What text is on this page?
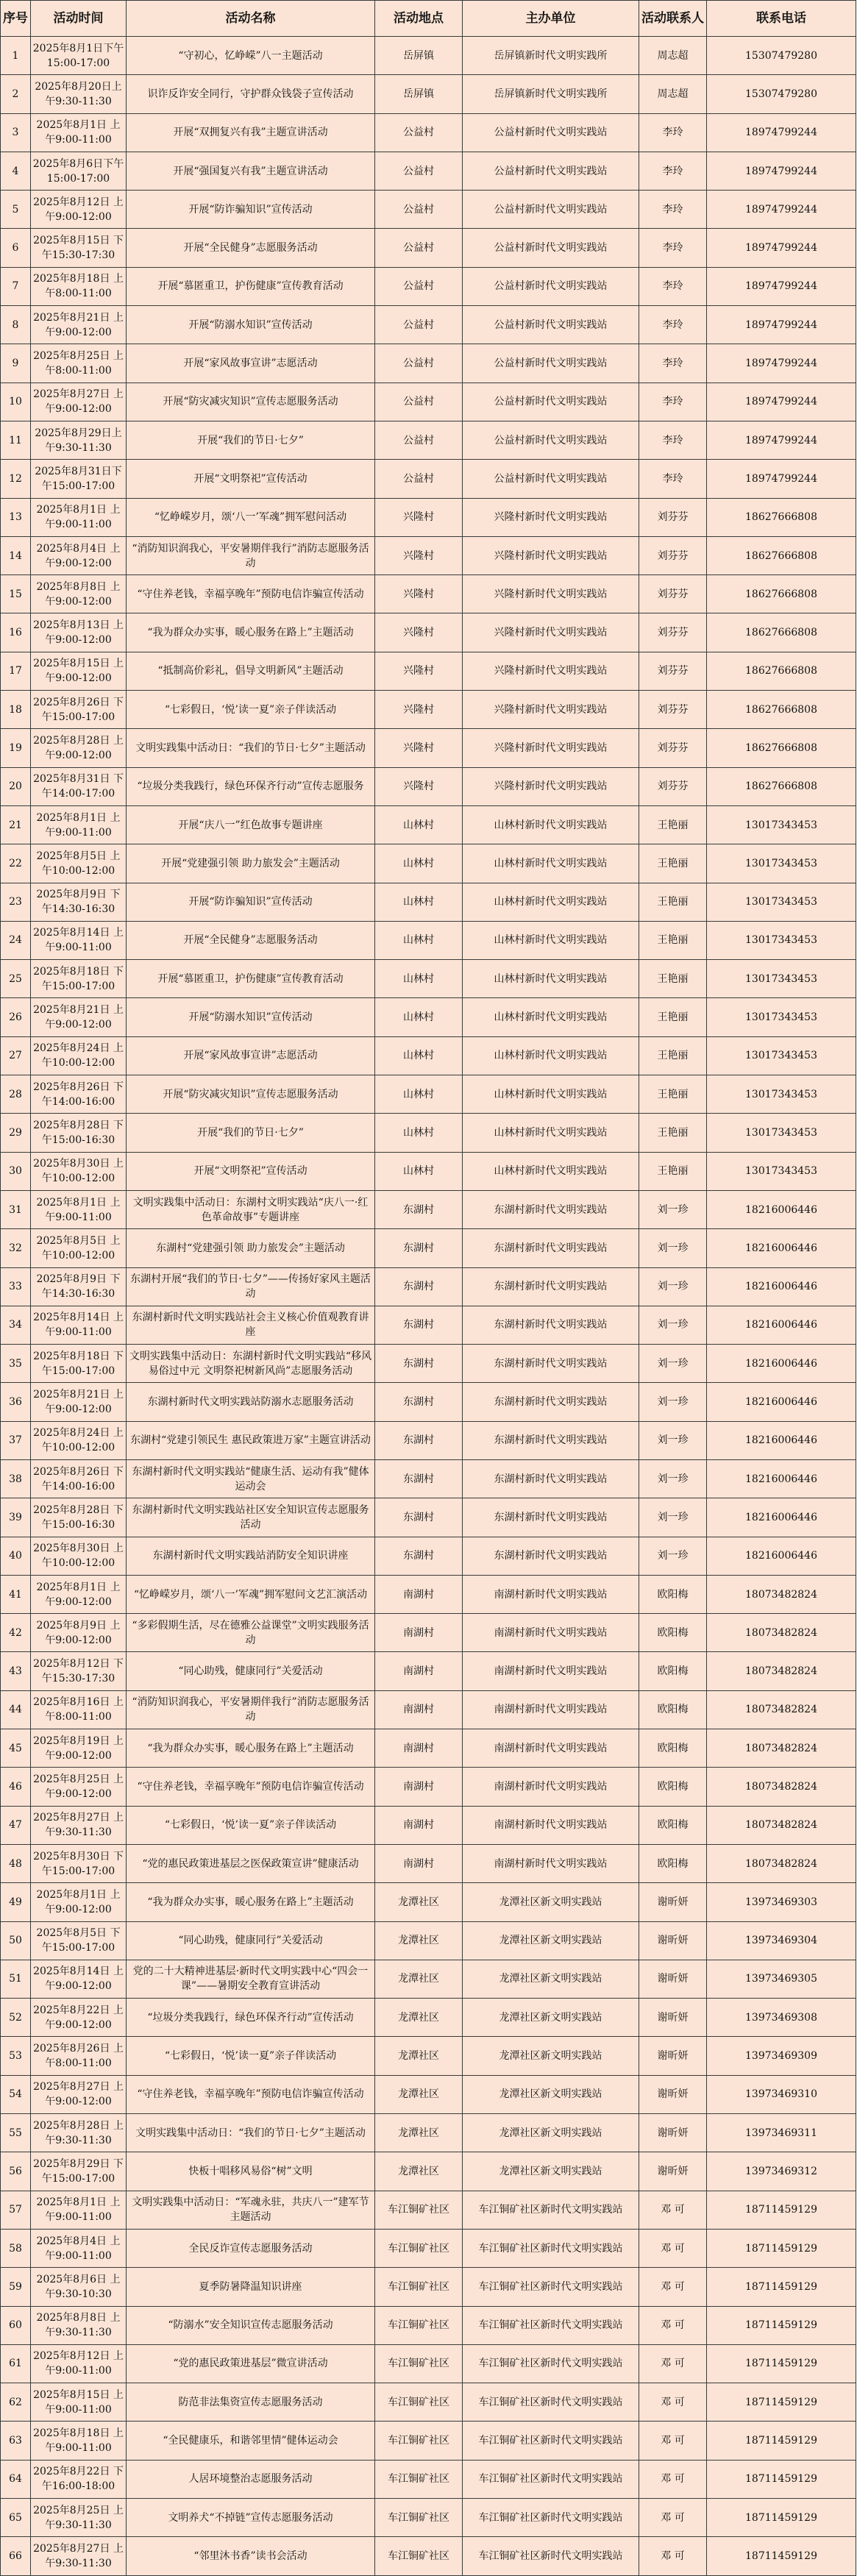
序号	活动时间	活动名称	活动地点	主办单位	活动联系人	联系电话
1	2025年8月1日下午15:00-17:00	“守初心，忆峥嵘”八一主题活动	岳屏镇	岳屏镇新时代文明实践所	周志超	15307479280
2	2025年8月20日上午9:30-11:30	识诈反诈安全同行，守护群众钱袋子宣传活动	岳屏镇	岳屏镇新时代文明实践所	周志超	15307479280
3	2025年8月1日 上午9:00-11:00	开展“双拥复兴有我”主题宣讲活动	公益村	公益村新时代文明实践站	李玲	18974799244
4	2025年8月6日下午15:00-17:00	开展“强国复兴有我”主题宣讲活动	公益村	公益村新时代文明实践站	李玲	18974799244
5	2025年8月12日 上午9:00-12:00	开展“防诈骗知识”宣传活动	公益村	公益村新时代文明实践站	李玲	18974799244
6	2025年8月15日 下午15:30-17:30	开展“全民健身”志愿服务活动	公益村	公益村新时代文明实践站	李玲	18974799244
7	2025年8月18日 上午8:00-11:00	开展“慕匿重卫，护伤健康”宣传教育活动	公益村	公益村新时代文明实践站	李玲	18974799244
8	2025年8月21日 上午9:00-12:00	开展“防溺水知识”宣传活动	公益村	公益村新时代文明实践站	李玲	18974799244
9	2025年8月25日 上午8:00-11:00	开展“家风故事宣讲”志愿活动	公益村	公益村新时代文明实践站	李玲	18974799244
10	2025年8月27日 上午9:00-12:00	开展“防灾减灾知识”宣传志愿服务活动	公益村	公益村新时代文明实践站	李玲	18974799244
11	2025年8月29日上午9:30-11:30	开展“我们的节日·七夕”	公益村	公益村新时代文明实践站	李玲	18974799244
12	2025年8月31日下午15:00-17:00	开展“文明祭祀”宣传活动	公益村	公益村新时代文明实践站	李玲	18974799244
13	2025年8月1日 上午9:00-11:00	“忆峥嵘岁月，颂‘八一’军魂”拥军慰问活动	兴隆村	兴隆村新时代文明实践站	刘芬芬	18627666808
14	2025年8月4日 上午9:00-12:00	“消防知识润我心，平安暑期伴我行”消防志愿服务活动	兴隆村	兴隆村新时代文明实践站	刘芬芬	18627666808
15	2025年8月8日 上午9:00-12:00	“守住养老钱，幸福享晚年”预防电信诈骗宣传活动	兴隆村	兴隆村新时代文明实践站	刘芬芬	18627666808
16	2025年8月13日 上午9:00-12:00	“我为群众办实事，暖心服务在路上”主题活动	兴隆村	兴隆村新时代文明实践站	刘芬芬	18627666808
17	2025年8月15日 上午9:00-12:00	“抵制高价彩礼，倡导文明新风”主题活动	兴隆村	兴隆村新时代文明实践站	刘芬芬	18627666808
18	2025年8月26日 下午15:00-17:00	“七彩假日，‘悦’读一夏”亲子伴读活动	兴隆村	兴隆村新时代文明实践站	刘芬芬	18627666808
19	2025年8月28日 上午9:00-12:00	文明实践集中活动日：“我们的节日·七夕”主题活动	兴隆村	兴隆村新时代文明实践站	刘芬芬	18627666808
20	2025年8月31日 下午14:00-17:00	“垃圾分类我践行，绿色环保齐行动”宣传志愿服务	兴隆村	兴隆村新时代文明实践站	刘芬芬	18627666808
21	2025年8月1日 上午9:00-11:00	开展“庆八一”红色故事专题讲座	山林村	山林村新时代文明实践站	王艳丽	13017343453
22	2025年8月5日 上午10:00-12:00	开展“党建强引领 助力旅发会”主题活动	山林村	山林村新时代文明实践站	王艳丽	13017343453
23	2025年8月9日 下午14:30-16:30	开展“防诈骗知识”宣传活动	山林村	山林村新时代文明实践站	王艳丽	13017343453
24	2025年8月14日 上午9:00-11:00	开展“全民健身”志愿服务活动	山林村	山林村新时代文明实践站	王艳丽	13017343453
25	2025年8月18日 下午15:00-17:00	开展“慕匿重卫，护伤健康”宣传教育活动	山林村	山林村新时代文明实践站	王艳丽	13017343453
26	2025年8月21日 上午9:00-12:00	开展“防溺水知识”宣传活动	山林村	山林村新时代文明实践站	王艳丽	13017343453
27	2025年8月24日 上午10:00-12:00	开展“家风故事宣讲”志愿活动	山林村	山林村新时代文明实践站	王艳丽	13017343453
28	2025年8月26日 下午14:00-16:00	开展“防灾减灾知识”宣传志愿服务活动	山林村	山林村新时代文明实践站	王艳丽	13017343453
29	2025年8月28日 下午15:00-16:30	开展“我们的节日·七夕”	山林村	山林村新时代文明实践站	王艳丽	13017343453
30	2025年8月30日 上午10:00-12:00	开展“文明祭祀”宣传活动	山林村	山林村新时代文明实践站	王艳丽	13017343453
31	2025年8月1日 上午9:00-11:00	文明实践集中活动日：东湖村文明实践站“庆八一·红色革命故事”专题讲座	东湖村	东湖村新时代文明实践站	刘一珍	18216006446
32	2025年8月5日 上午10:00-12:00	东湖村“党建强引领 助力旅发会”主题活动	东湖村	东湖村新时代文明实践站	刘一珍	18216006446
33	2025年8月9日 下午14:30-16:30	东湖村开展“我们的节日·七夕”——传扬好家风主题活动	东湖村	东湖村新时代文明实践站	刘一珍	18216006446
34	2025年8月14日 上午9:00-11:00	东湖村新时代文明实践站社会主义核心价值观教育讲座	东湖村	东湖村新时代文明实践站	刘一珍	18216006446
35	2025年8月18日 下午15:00-17:00	文明实践集中活动日：东湖村新时代文明实践站“移风易俗过中元 文明祭祀树新风尚”志愿服务活动	东湖村	东湖村新时代文明实践站	刘一珍	18216006446
36	2025年8月21日 上午9:00-12:00	东湖村新时代文明实践站防溺水志愿服务活动	东湖村	东湖村新时代文明实践站	刘一珍	18216006446
37	2025年8月24日 上午10:00-12:00	东湖村“党建引领民生 惠民政策进万家”主题宣讲活动	东湖村	东湖村新时代文明实践站	刘一珍	18216006446
38	2025年8月26日 下午14:00-16:00	东湖村新时代文明实践站“健康生活、运动有我”健体运动会	东湖村	东湖村新时代文明实践站	刘一珍	18216006446
39	2025年8月28日 下午15:00-16:30	东湖村新时代文明实践站社区安全知识宣传志愿服务活动	东湖村	东湖村新时代文明实践站	刘一珍	18216006446
40	2025年8月30日 上午10:00-12:00	东湖村新时代文明实践站消防安全知识讲座	东湖村	东湖村新时代文明实践站	刘一珍	18216006446
41	2025年8月1日 上午9:00-12:00	“忆峥嵘岁月，颂‘八一’军魂”拥军慰问文艺汇演活动	南湖村	南湖村新时代文明实践站	欧阳梅	18073482824
42	2025年8月9日 上午9:00-12:00	“多彩假期生活，尽在德雅公益课堂”文明实践服务活动	南湖村	南湖村新时代文明实践站	欧阳梅	18073482824
43	2025年8月12日 下午15:30-17:30	“同心助残，健康同行”关爱活动	南湖村	南湖村新时代文明实践站	欧阳梅	18073482824
44	2025年8月16日 上午8:00-11:00	“消防知识润我心，平安暑期伴我行”消防志愿服务活动	南湖村	南湖村新时代文明实践站	欧阳梅	18073482824
45	2025年8月19日 上午9:00-12:00	“我为群众办实事，暖心服务在路上”主题活动	南湖村	南湖村新时代文明实践站	欧阳梅	18073482824
46	2025年8月25日 上午9:00-12:00	“守住养老钱，幸福享晚年”预防电信诈骗宣传活动	南湖村	南湖村新时代文明实践站	欧阳梅	18073482824
47	2025年8月27日 上午9:30-11:30	“七彩假日，‘悦’读一夏”亲子伴读活动	南湖村	南湖村新时代文明实践站	欧阳梅	18073482824
48	2025年8月30日 下午15:00-17:00	“党的惠民政策进基层之医保政策宣讲”健康活动	南湖村	南湖村新时代文明实践站	欧阳梅	18073482824
49	2025年8月1日 上午9:00-12:00	“我为群众办实事，暖心服务在路上”主题活动	龙潭社区	龙潭社区新文明实践站	谢昕妍	13973469303
50	2025年8月5日 下午15:00-17:00	“同心助残，健康同行”关爱活动	龙潭社区	龙潭社区新文明实践站	谢昕妍	13973469304
51	2025年8月14日 上午9:00-12:00	党的二十大精神进基层·新时代文明实践中心“四会一课”——暑期安全教育宣讲活动	龙潭社区	龙潭社区新文明实践站	谢昕妍	13973469305
52	2025年8月22日 上午9:00-12:00	“垃圾分类我践行，绿色环保齐行动”宣传活动	龙潭社区	龙潭社区新文明实践站	谢昕妍	13973469308
53	2025年8月26日 上午8:00-11:00	“七彩假日，‘悦’读一夏”亲子伴读活动	龙潭社区	龙潭社区新文明实践站	谢昕妍	13973469309
54	2025年8月27日 上午9:00-12:00	“守住养老钱，幸福享晚年”预防电信诈骗宣传活动	龙潭社区	龙潭社区新文明实践站	谢昕妍	13973469310
55	2025年8月28日 上午9:30-11:30	文明实践集中活动日：“我们的节日·七夕”主题活动	龙潭社区	龙潭社区新文明实践站	谢昕妍	13973469311
56	2025年8月29日 下午15:00-17:00	快板十唱移风易俗“树”文明	龙潭社区	龙潭社区新文明实践站	谢昕妍	13973469312
57	2025年8月1日 上午9:00-11:00	文明实践集中活动日：“军魂永驻，共庆八一”建军节主题活动	车江铜矿社区	车江铜矿社区新时代文明实践站	邓 可	18711459129
58	2025年8月4日 上午9:00-11:00	全民反诈宣传志愿服务活动	车江铜矿社区	车江铜矿社区新时代文明实践站	邓 可	18711459129
59	2025年8月6日 上午9:30-10:30	夏季防暑降温知识讲座	车江铜矿社区	车江铜矿社区新时代文明实践站	邓 可	18711459129
60	2025年8月8日 上午9:30-11:30	“防溺水”安全知识宣传志愿服务活动	车江铜矿社区	车江铜矿社区新时代文明实践站	邓 可	18711459129
61	2025年8月12日 上午9:00-11:00	“党的惠民政策进基层”微宣讲活动	车江铜矿社区	车江铜矿社区新时代文明实践站	邓 可	18711459129
62	2025年8月15日 上午9:00-11:00	防范非法集资宣传志愿服务活动	车江铜矿社区	车江铜矿社区新时代文明实践站	邓 可	18711459129
63	2025年8月18日 上午9:00-11:00	“全民健康乐，和谐邻里情”健体运动会	车江铜矿社区	车江铜矿社区新时代文明实践站	邓 可	18711459129
64	2025年8月22日 下午16:00-18:00	人居环境整治志愿服务活动	车江铜矿社区	车江铜矿社区新时代文明实践站	邓 可	18711459129
65	2025年8月25日 上午9:30-11:30	文明养犬“不掉链”宣传志愿服务活动	车江铜矿社区	车江铜矿社区新时代文明实践站	邓 可	18711459129
66	2025年8月27日 上午9:30-11:30	“邻里沐书香”读书会活动	车江铜矿社区	车江铜矿社区新时代文明实践站	邓 可	18711459129
